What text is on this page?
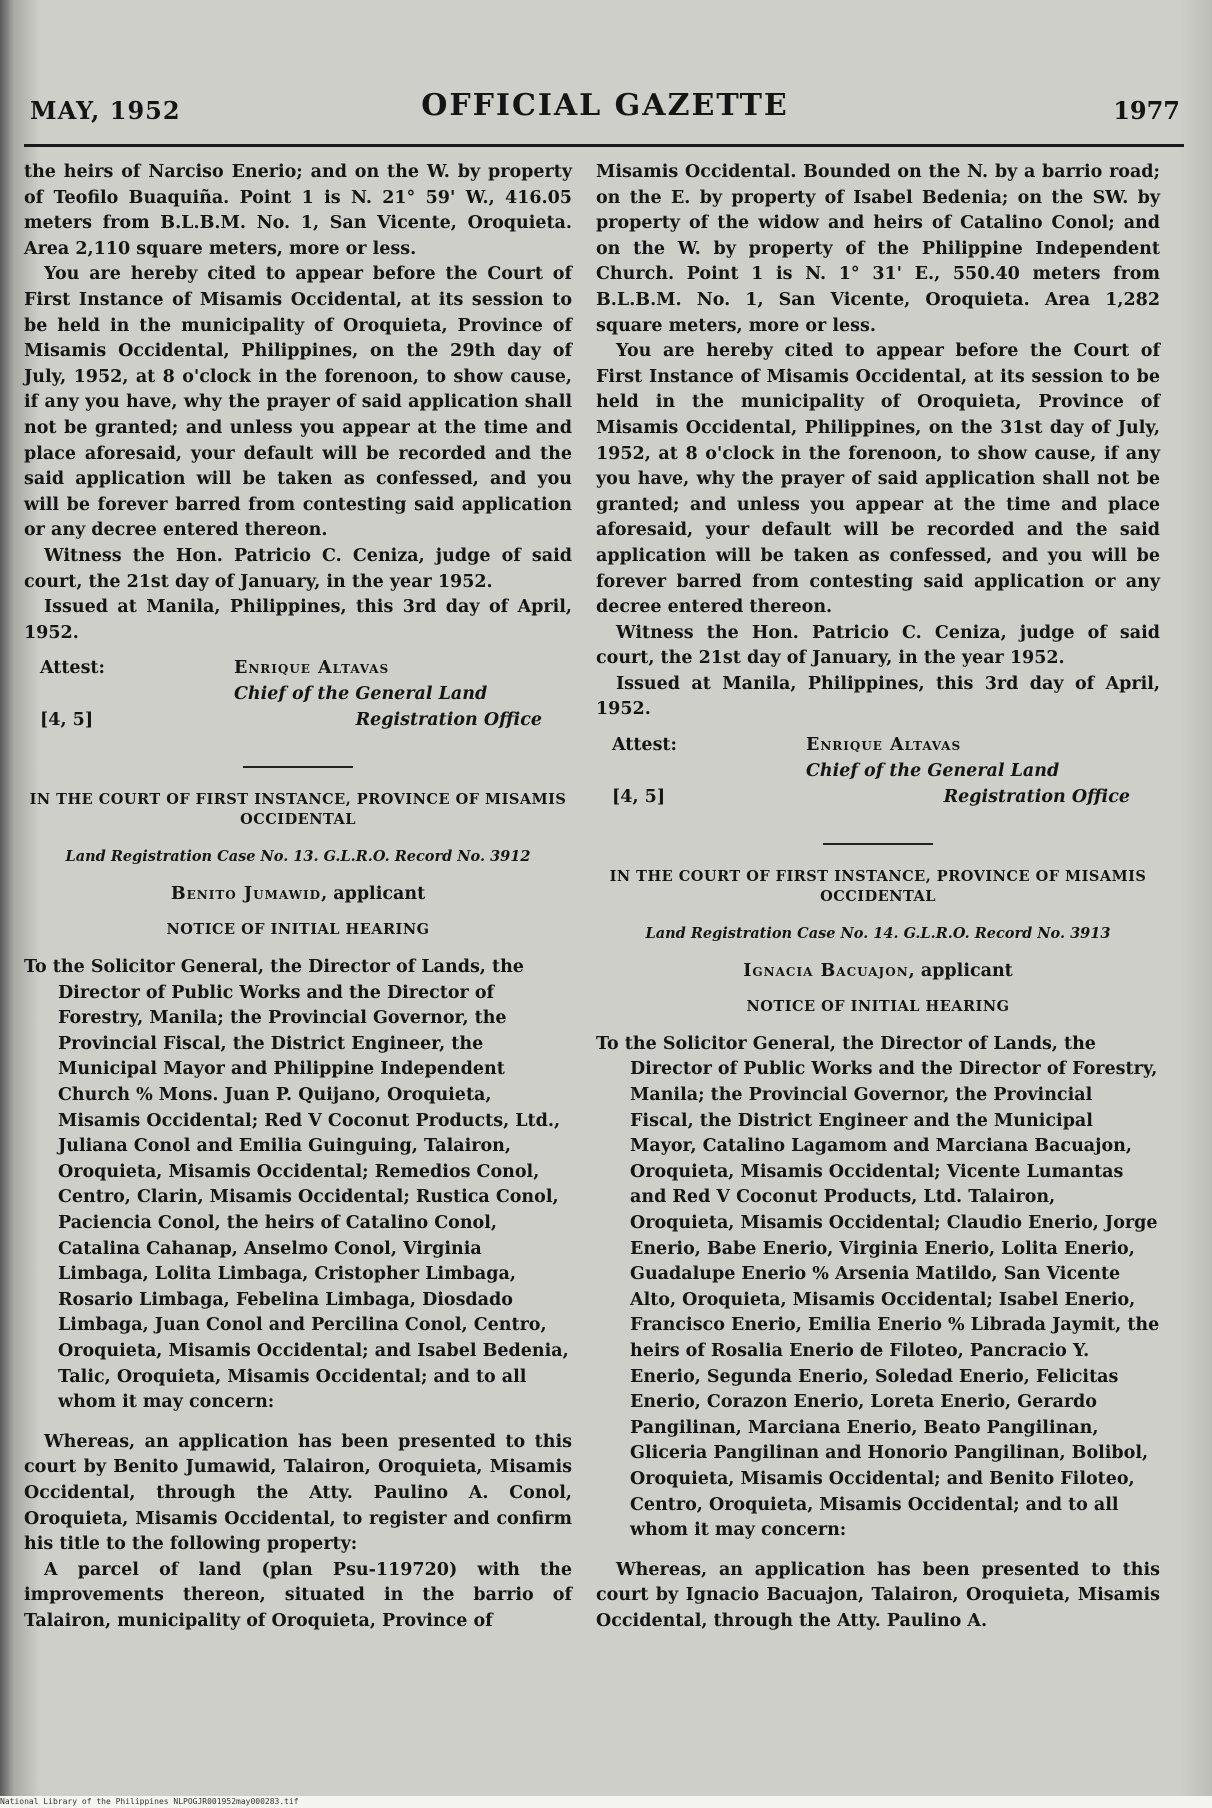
MAY, 1952	OFFICIAL GAZETTE	1977

the heirs of Narciso Enerio; and on the W. by property of Teofilo Buaquiña. Point 1 is N. 21° 59' W., 416.05 meters from B.L.B.M. No. 1, San Vicente, Oroquieta. Area 2,110 square meters, more or less.

You are hereby cited to appear before the Court of First Instance of Misamis Occidental, at its session to be held in the municipality of Oroquieta, Province of Misamis Occidental, Philippines, on the 29th day of July, 1952, at 8 o'clock in the forenoon, to show cause, if any you have, why the prayer of said application shall not be granted; and unless you appear at the time and place aforesaid, your default will be recorded and the said application will be taken as confessed, and you will be forever barred from contesting said application or any decree entered thereon.

Witness the Hon. Patricio C. Ceniza, judge of said court, the 21st day of January, in the year 1952.

Issued at Manila, Philippines, this 3rd day of April, 1952.

Attest:	Enrique Altavas
Chief of the General Land
[4, 5]	Registration Office
IN THE COURT OF FIRST INSTANCE, PROVINCE OF MISAMIS OCCIDENTAL
Land Registration Case No. 13. G.L.R.O. Record No. 3912
Benito Jumawid, applicant
NOTICE OF INITIAL HEARING
To the Solicitor General, the Director of Lands, the Director of Public Works and the Director of Forestry, Manila; the Provincial Governor, the Provincial Fiscal, the District Engineer, the Municipal Mayor and Philippine Independent Church % Mons. Juan P. Quijano, Oroquieta, Misamis Occidental; Red V Coconut Products, Ltd., Juliana Conol and Emilia Guinguing, Talairon, Oroquieta, Misamis Occidental; Remedios Conol, Centro, Clarin, Misamis Occidental; Rustica Conol, Paciencia Conol, the heirs of Catalino Conol, Catalina Cahanap, Anselmo Conol, Virginia Limbaga, Lolita Limbaga, Cristopher Limbaga, Rosario Limbaga, Febelina Limbaga, Diosdado Limbaga, Juan Conol and Percilina Conol, Centro, Oroquieta, Misamis Occidental; and Isabel Bedenia, Talic, Oroquieta, Misamis Occidental; and to all whom it may concern:

Whereas, an application has been presented to this court by Benito Jumawid, Talairon, Oroquieta, Misamis Occidental, through the Atty. Paulino A. Conol, Oroquieta, Misamis Occidental, to register and confirm his title to the following property:

A parcel of land (plan Psu-119720) with the improvements thereon, situated in the barrio of Talairon, municipality of Oroquieta, Province of

Misamis Occidental. Bounded on the N. by a barrio road; on the E. by property of Isabel Bedenia; on the SW. by property of the widow and heirs of Catalino Conol; and on the W. by property of the Philippine Independent Church. Point 1 is N. 1° 31' E., 550.40 meters from B.L.B.M. No. 1, San Vicente, Oroquieta. Area 1,282 square meters, more or less.

You are hereby cited to appear before the Court of First Instance of Misamis Occidental, at its session to be held in the municipality of Oroquieta, Province of Misamis Occidental, Philippines, on the 31st day of July, 1952, at 8 o'clock in the forenoon, to show cause, if any you have, why the prayer of said application shall not be granted; and unless you appear at the time and place aforesaid, your default will be recorded and the said application will be taken as confessed, and you will be forever barred from contesting said application or any decree entered thereon.

Witness the Hon. Patricio C. Ceniza, judge of said court, the 21st day of January, in the year 1952.

Issued at Manila, Philippines, this 3rd day of April, 1952.

Attest:	Enrique Altavas
Chief of the General Land
[4, 5]	Registration Office
IN THE COURT OF FIRST INSTANCE, PROVINCE OF MISAMIS OCCIDENTAL
Land Registration Case No. 14. G.L.R.O. Record No. 3913
Ignacia Bacuajon, applicant
NOTICE OF INITIAL HEARING
To the Solicitor General, the Director of Lands, the Director of Public Works and the Director of Forestry, Manila; the Provincial Governor, the Provincial Fiscal, the District Engineer and the Municipal Mayor, Catalino Lagamom and Marciana Bacuajon, Oroquieta, Misamis Occidental; Vicente Lumantas and Red V Coconut Products, Ltd. Talairon, Oroquieta, Misamis Occidental; Claudio Enerio, Jorge Enerio, Babe Enerio, Virginia Enerio, Lolita Enerio, Guadalupe Enerio % Arsenia Matildo, San Vicente Alto, Oroquieta, Misamis Occidental; Isabel Enerio, Francisco Enerio, Emilia Enerio % Librada Jaymit, the heirs of Rosalia Enerio de Filoteo, Pancracio Y. Enerio, Segunda Enerio, Soledad Enerio, Felicitas Enerio, Corazon Enerio, Loreta Enerio, Gerardo Pangilinan, Marciana Enerio, Beato Pangilinan, Gliceria Pangilinan and Honorio Pangilinan, Bolibol, Oroquieta, Misamis Occidental; and Benito Filoteo, Centro, Oroquieta, Misamis Occidental; and to all whom it may concern:

Whereas, an application has been presented to this court by Ignacio Bacuajon, Talairon, Oroquieta, Misamis Occidental, through the Atty. Paulino A.

National Library of the Philippines NLPOGJR001952may000283.tif
